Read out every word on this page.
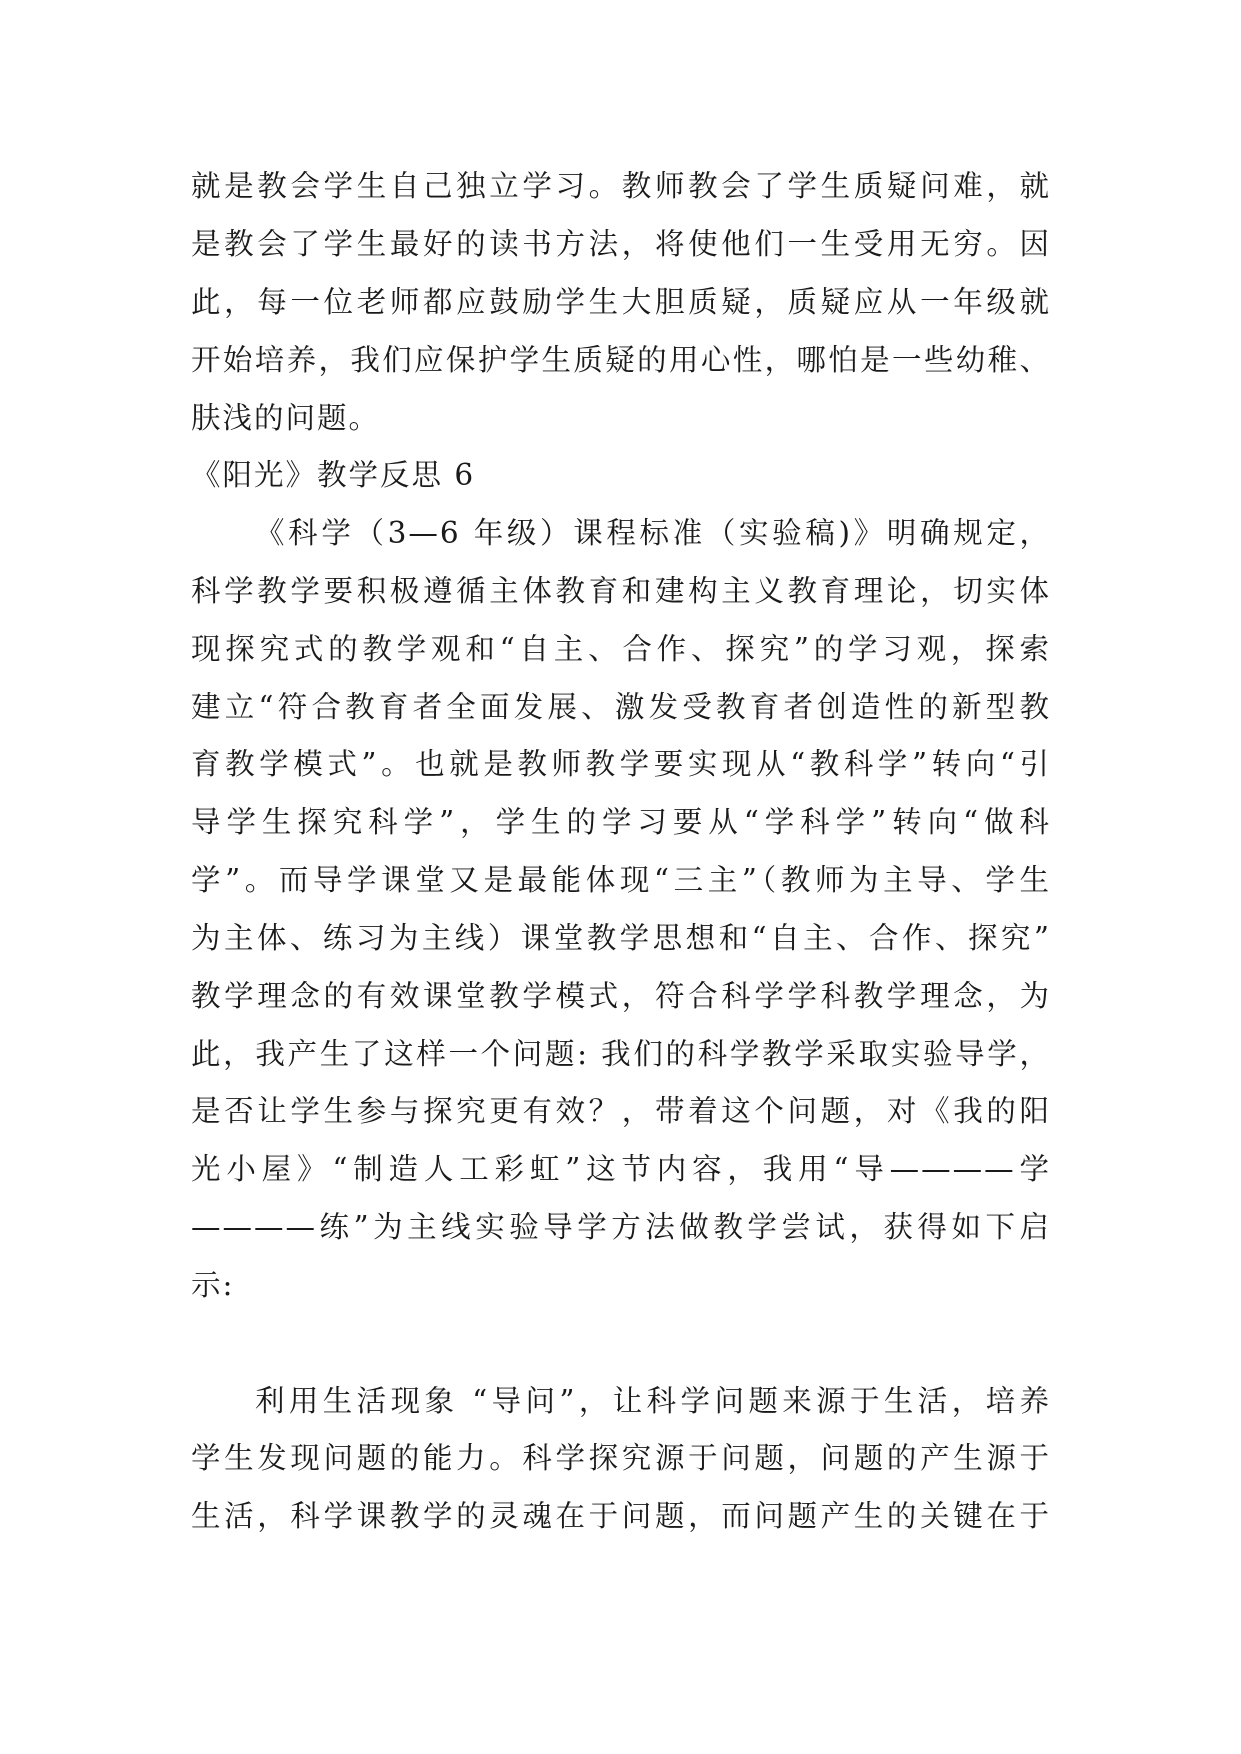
就是教会学生自己独立学习。教师教会了学生质疑问难，就
是教会了学生最好的读书方法，将使他们一生受用无穷。因
此，每一位老师都应鼓励学生大胆质疑，质疑应从一年级就
开始培养，我们应保护学生质疑的用心性，哪怕是一些幼稚、
肤浅的问题。
《阳光》教学反思 6
《科学（3—6 年级）课程标准（实验稿)》明确规定，
科学教学要积极遵循主体教育和建构主义教育理论，切实体
现探究式的教学观和“自主、合作、探究”的学习观，探索
建立“符合教育者全面发展、激发受教育者创造性的新型教
育教学模式”。也就是教师教学要实现从“教科学”转向“引
导学生探究科学”，学生的学习要从“学科学”转向“做科
学”。而导学课堂又是最能体现“三主”（教师为主导、学生
为主体、练习为主线）课堂教学思想和“自主、合作、探究”
教学理念的有效课堂教学模式，符合科学学科教学理念，为
此，我产生了这样一个问题: 我们的科学教学采取实验导学，
是否让学生参与探究更有效？，带着这个问题，对《我的阳
光小屋》“制造人工彩虹”这节内容，我用“导————学
————练”为主线实验导学方法做教学尝试，获得如下启
示:
利用生活现象 “导问”，让科学问题来源于生活，培养
学生发现问题的能力。科学探究源于问题，问题的产生源于
生活，科学课教学的灵魂在于问题，而问题产生的关键在于
